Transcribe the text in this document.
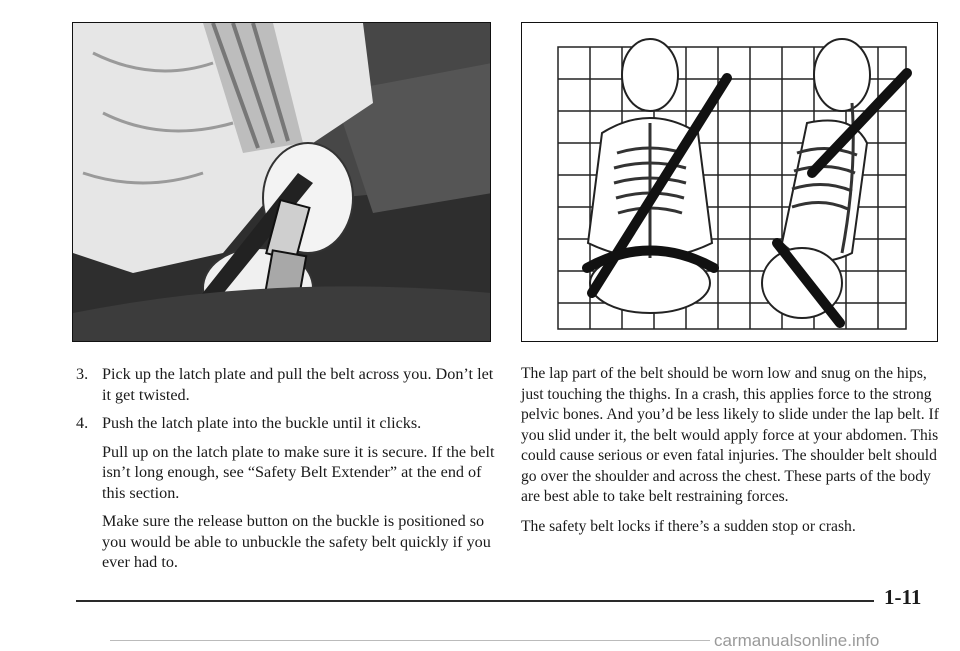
3. Pick up the latch plate and pull the belt across you. Don’t let it get twisted.
4. Push the latch plate into the buckle until it clicks.
Pull up on the latch plate to make sure it is secure. If the belt isn’t long enough, see “Safety Belt Extender” at the end of this section.
Make sure the release button on the buckle is positioned so you would be able to unbuckle the safety belt quickly if you ever had to.

The lap part of the belt should be worn low and snug on the hips, just touching the thighs. In a crash, this applies force to the strong pelvic bones. And you’d be less likely to slide under the lap belt. If you slid under it, the belt would apply force at your abdomen. This could cause serious or even fatal injuries. The shoulder belt should go over the shoulder and across the chest. These parts of the body are best able to take belt restraining forces.

The safety belt locks if there’s a sudden stop or crash.

1-11
carmanualsonline.info
